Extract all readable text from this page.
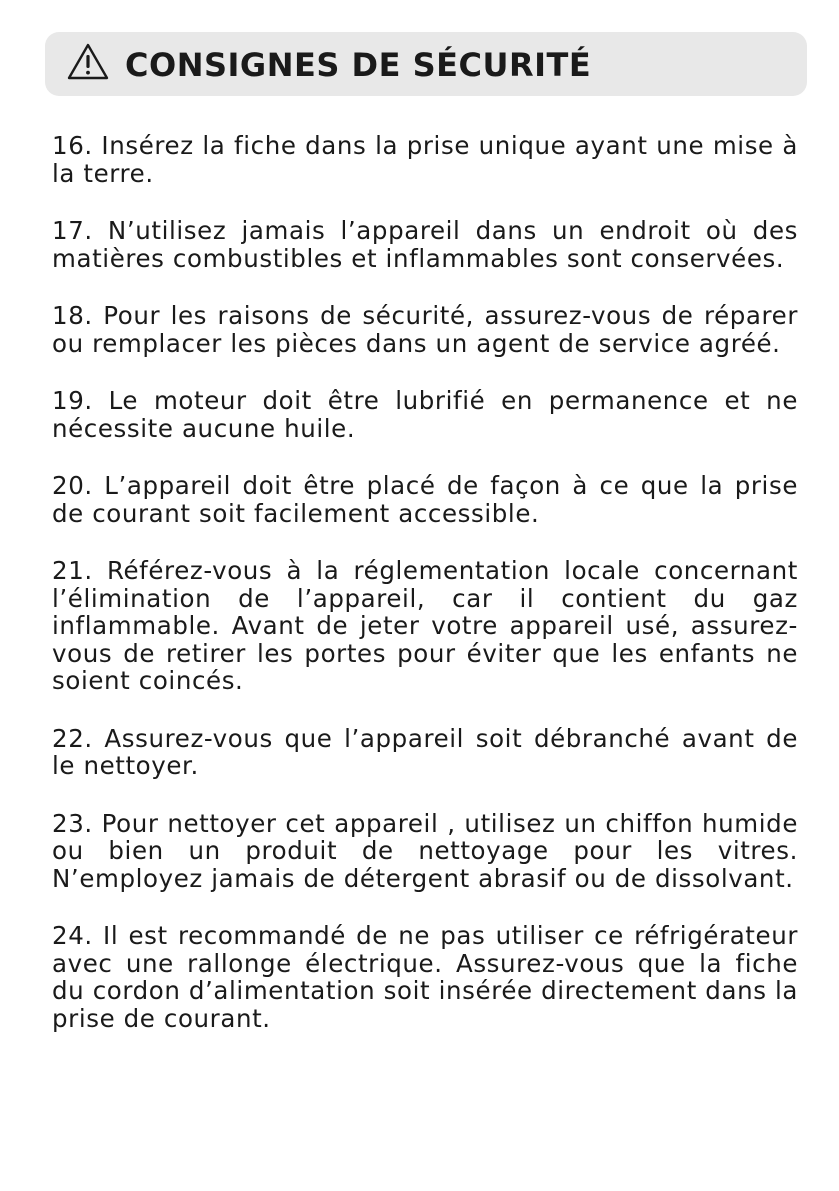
CONSIGNES DE SÉCURITÉ

16. Insérez la fiche dans la prise unique ayant une mise à la terre.

17. N’utilisez jamais l’appareil dans un endroit où des matières combustibles et inflammables sont conservées.

18. Pour les raisons de sécurité, assurez-vous de réparer ou remplacer les pièces dans un agent de service agréé.

19. Le moteur doit être lubrifié en permanence et ne nécessite aucune huile.

20. L’appareil doit être placé de façon à ce que la prise de courant soit facilement accessible.

21. Référez-vous à la réglementation locale concernant l’élimination de l’appareil, car il contient du gaz inflammable. Avant de jeter votre appareil usé, assurez-vous de retirer les portes pour éviter que les enfants ne soient coincés.

22. Assurez-vous que l’appareil soit débranché avant de le nettoyer.

23. Pour nettoyer cet appareil , utilisez un chiffon humide ou bien un produit de nettoyage pour les vitres. N’employez jamais de détergent abrasif ou de dissolvant.

24. Il est recommandé de ne pas utiliser ce réfrigérateur avec une rallonge électrique. Assurez-vous que la fiche du cordon d’alimentation soit insérée directement dans la prise de courant.
